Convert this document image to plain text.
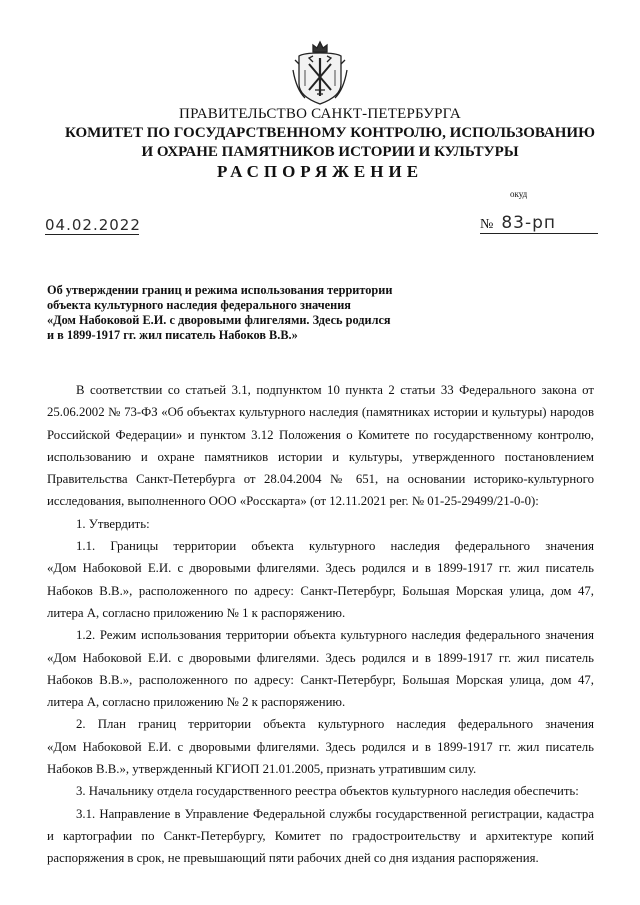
ПРАВИТЕЛЬСТВО САНКТ-ПЕТЕРБУРГА
КОМИТЕТ ПО ГОСУДАРСТВЕННОМУ КОНТРОЛЮ, ИСПОЛЬЗОВАНИЮ
И ОХРАНЕ ПАМЯТНИКОВ ИСТОРИИ И КУЛЬТУРЫ
РАСПОРЯЖЕНИЕ
окуд
04.02.2022	№ 83-рп
Об утверждении границ и режима использования территории
объекта культурного наследия федерального значения
«Дом Набоковой Е.И. с дворовыми флигелями. Здесь родился
и в 1899-1917 гг. жил писатель Набоков В.В.»

В соответствии со статьей 3.1, подпунктом 10 пункта 2 статьи 33 Федерального закона от

25.06.2002 № 73-ФЗ «Об объектах культурного наследия (памятниках истории и культуры) народов

Российской Федерации» и пунктом 3.12 Положения о Комитете по государственному контролю,

использованию и охране памятников истории и культуры, утвержденного постановлением

Правительства Санкт-Петербурга от 28.04.2004 № 651, на основании историко-культурного

исследования, выполненного ООО «Росскарта» (от 12.11.2021 рег. № 01-25-29499/21-0-0):

1. Утвердить:

1.1. Границы территории объекта культурного наследия федерального значения

«Дом Набоковой Е.И. с дворовыми флигелями. Здесь родился и в 1899-1917 гг. жил писатель

Набоков В.В.», расположенного по адресу: Санкт-Петербург, Большая Морская улица, дом 47,

литера А, согласно приложению № 1 к распоряжению.

1.2. Режим использования территории объекта культурного наследия федерального значения

«Дом Набоковой Е.И. с дворовыми флигелями. Здесь родился и в 1899-1917 гг. жил писатель

Набоков В.В.», расположенного по адресу: Санкт-Петербург, Большая Морская улица, дом 47,

литера А, согласно приложению № 2 к распоряжению.

2. План границ территории объекта культурного наследия федерального значения

«Дом Набоковой Е.И. с дворовыми флигелями. Здесь родился и в 1899-1917 гг. жил писатель

Набоков В.В.», утвержденный КГИОП 21.01.2005, признать утратившим силу.

3. Начальнику отдела государственного реестра объектов культурного наследия обеспечить:

3.1. Направление в Управление Федеральной службы государственной регистрации, кадастра

и картографии по Санкт-Петербургу, Комитет по градостроительству и архитектуре копий

распоряжения в срок, не превышающий пяти рабочих дней со дня издания распоряжения.
